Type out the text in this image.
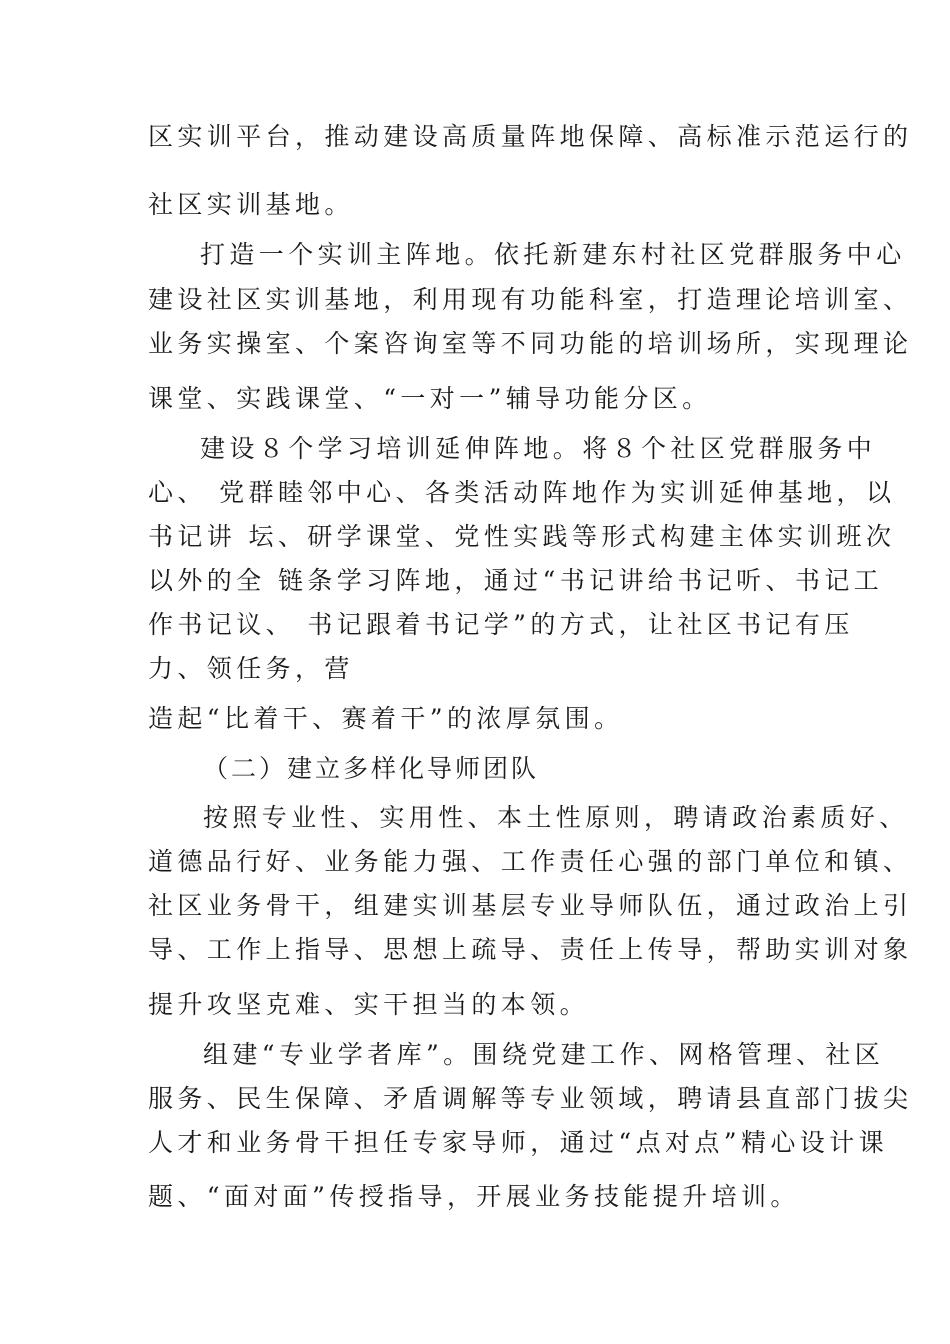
区实训平台，推动建设高质量阵地保障、高标准示范运行的
社区实训基地。
打造一个实训主阵地。依托新建东村社区党群服务中心
建设社区实训基地，利用现有功能科室，打造理论培训室、
业务实操室、个案咨询室等不同功能的培训场所，实现理论
课堂、实践课堂、“一对一”辅导功能分区。
建设８个学习培训延伸阵地。将８个社区党群服务中
心、 党群睦邻中心、各类活动阵地作为实训延伸基地，以
书记讲 坛、研学课堂、党性实践等形式构建主体实训班次
以外的全 链条学习阵地，通过“书记讲给书记听、书记工
作书记议、 书记跟着书记学”的方式，让社区书记有压
力、领任务，营
造起“比着干、赛着干”的浓厚氛围。
（二）建立多样化导师团队
按照专业性、实用性、本土性原则，聘请政治素质好、
道德品行好、业务能力强、工作责任心强的部门单位和镇、
社区业务骨干，组建实训基层专业导师队伍，通过政治上引
导、工作上指导、思想上疏导、责任上传导，帮助实训对象
提升攻坚克难、实干担当的本领。
组建“专业学者库”。围绕党建工作、网格管理、社区
服务、民生保障、矛盾调解等专业领域，聘请县直部门拔尖
人才和业务骨干担任专家导师，通过“点对点”精心设计课
题、“面对面”传授指导，开展业务技能提升培训。
